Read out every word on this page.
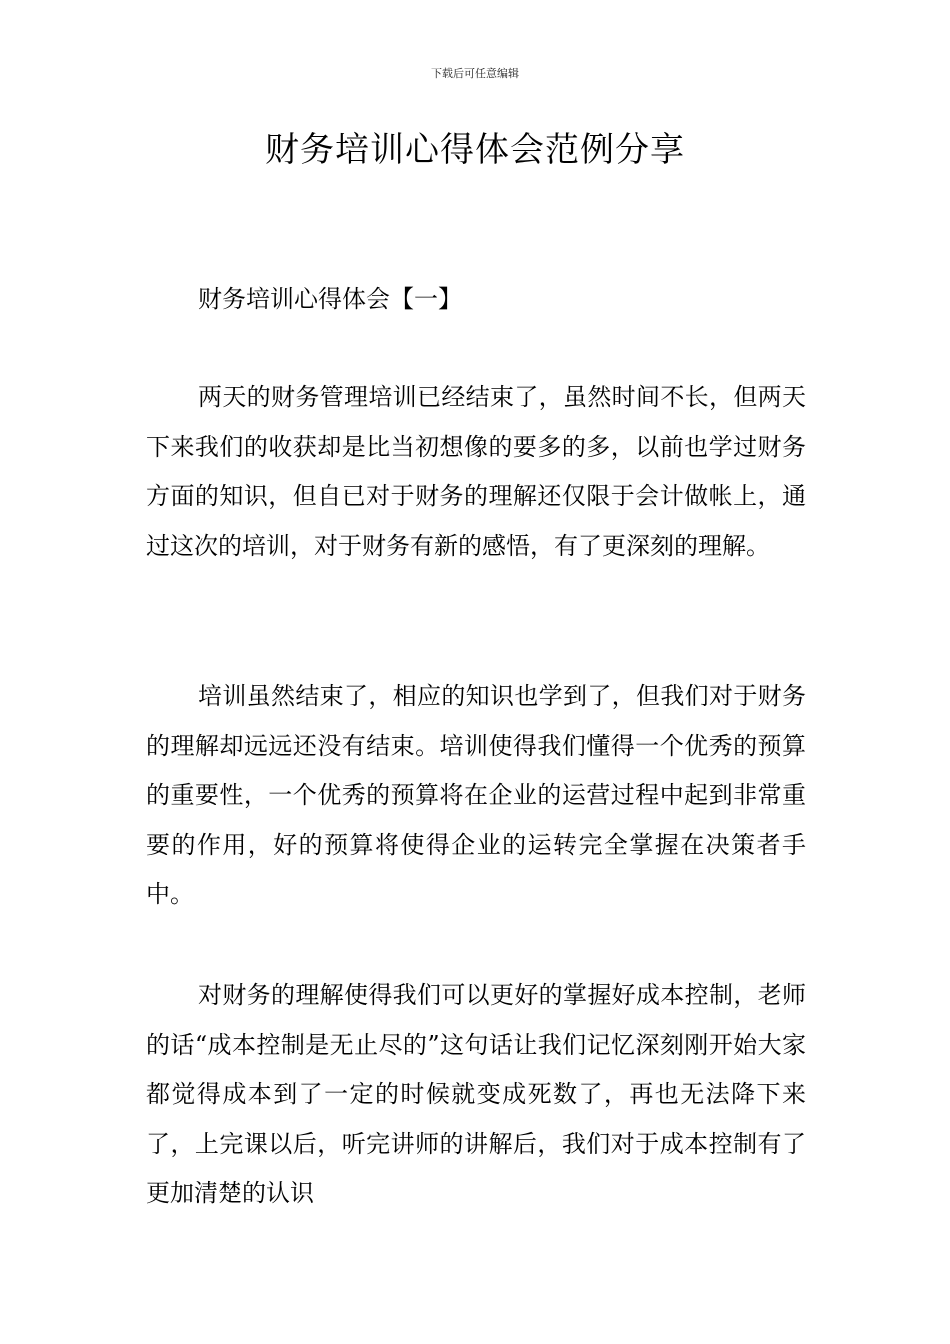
下载后可任意编辑
财务培训心得体会范例分享
财务培训心得体会【一】

两天的财务管理培训已经结束了，虽然时间不长，但两天下来我们的收获却是比当初想像的要多的多，以前也学过财务方面的知识，但自已对于财务的理解还仅限于会计做帐上，通过这次的培训，对于财务有新的感悟，有了更深刻的理解。

培训虽然结束了，相应的知识也学到了，但我们对于财务的理解却远远还没有结束。培训使得我们懂得一个优秀的预算的重要性，一个优秀的预算将在企业的运营过程中起到非常重要的作用，好的预算将使得企业的运转完全掌握在决策者手中。

对财务的理解使得我们可以更好的掌握好成本控制，老师的话“成本控制是无止尽的”这句话让我们记忆深刻刚开始大家都觉得成本到了一定的时候就变成死数了，再也无法降下来了，上完课以后，听完讲师的讲解后，我们对于成本控制有了更加清楚的认识
